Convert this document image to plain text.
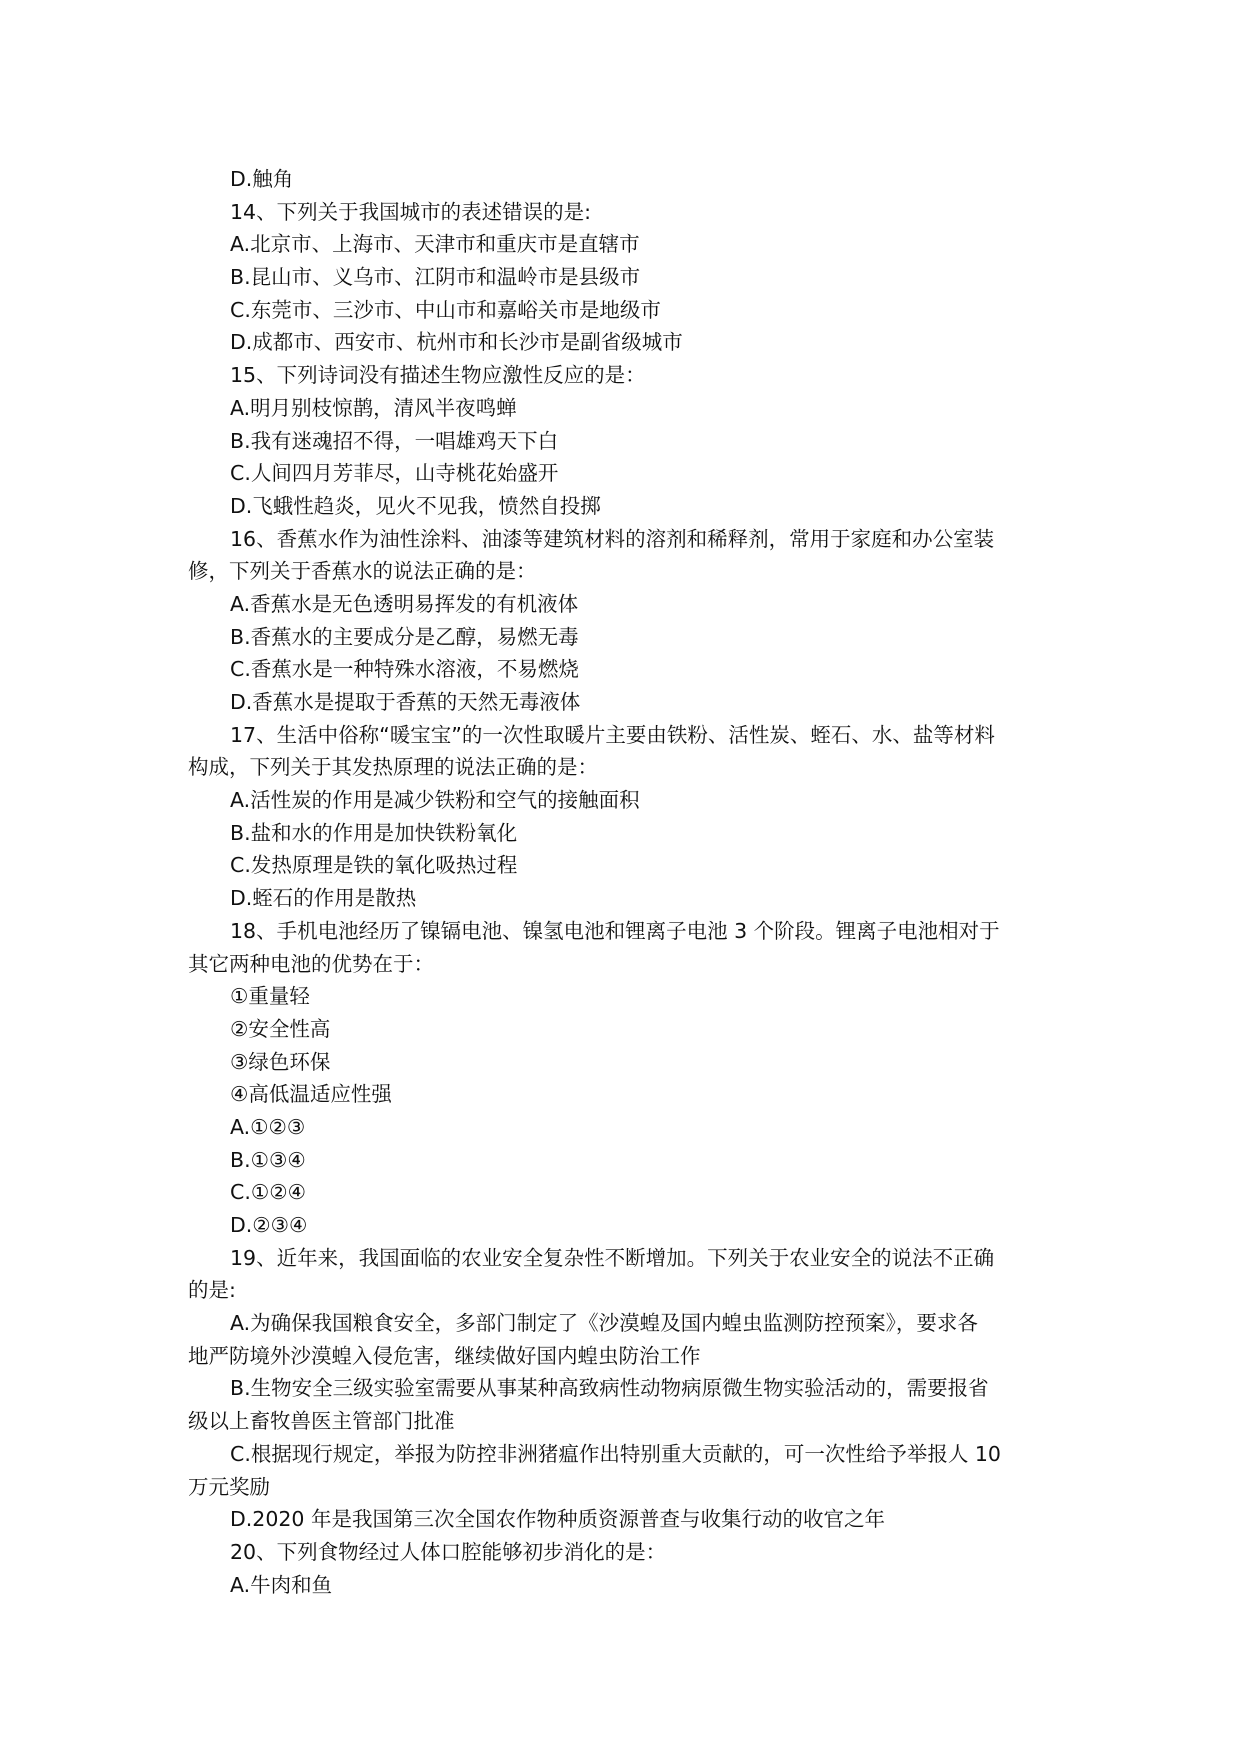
D.触角

14、下列关于我国城市的表述错误的是:

A.北京市、上海市、天津市和重庆市是直辖市

B.昆山市、义乌市、江阴市和温岭市是县级市

C.东莞市、三沙市、中山市和嘉峪关市是地级市

D.成都市、西安市、杭州市和长沙市是副省级城市

15、下列诗词没有描述生物应激性反应的是：

A.明月别枝惊鹊，清风半夜鸣蝉

B.我有迷魂招不得，一唱雄鸡天下白

C.人间四月芳菲尽，山寺桃花始盛开

D.飞蛾性趋炎，见火不见我，愤然自投掷

16、香蕉水作为油性涂料、油漆等建筑材料的溶剂和稀释剂，常用于家庭和办公室装

修，下列关于香蕉水的说法正确的是：

A.香蕉水是无色透明易挥发的有机液体

B.香蕉水的主要成分是乙醇，易燃无毒

C.香蕉水是一种特殊水溶液，不易燃烧

D.香蕉水是提取于香蕉的天然无毒液体

17、生活中俗称“暖宝宝”的一次性取暖片主要由铁粉、活性炭、蛭石、水、盐等材料

构成，下列关于其发热原理的说法正确的是：

A.活性炭的作用是减少铁粉和空气的接触面积

B.盐和水的作用是加快铁粉氧化

C.发热原理是铁的氧化吸热过程

D.蛭石的作用是散热

18、手机电池经历了镍镉电池、镍氢电池和锂离子电池 3 个阶段。锂离子电池相对于

其它两种电池的优势在于：

①重量轻

②安全性高

③绿色环保

④高低温适应性强

A.①②③

B.①③④

C.①②④

D.②③④

19、近年来，我国面临的农业安全复杂性不断增加。下列关于农业安全的说法不正确

的是:

A.为确保我国粮食安全，多部门制定了《沙漠蝗及国内蝗虫监测防控预案》，要求各

地严防境外沙漠蝗入侵危害，继续做好国内蝗虫防治工作

B.生物安全三级实验室需要从事某种高致病性动物病原微生物实验活动的，需要报省

级以上畜牧兽医主管部门批准

C.根据现行规定，举报为防控非洲猪瘟作出特别重大贡献的，可一次性给予举报人 10

万元奖励

D.2020 年是我国第三次全国农作物种质资源普查与收集行动的收官之年

20、下列食物经过人体口腔能够初步消化的是：

A.牛肉和鱼
